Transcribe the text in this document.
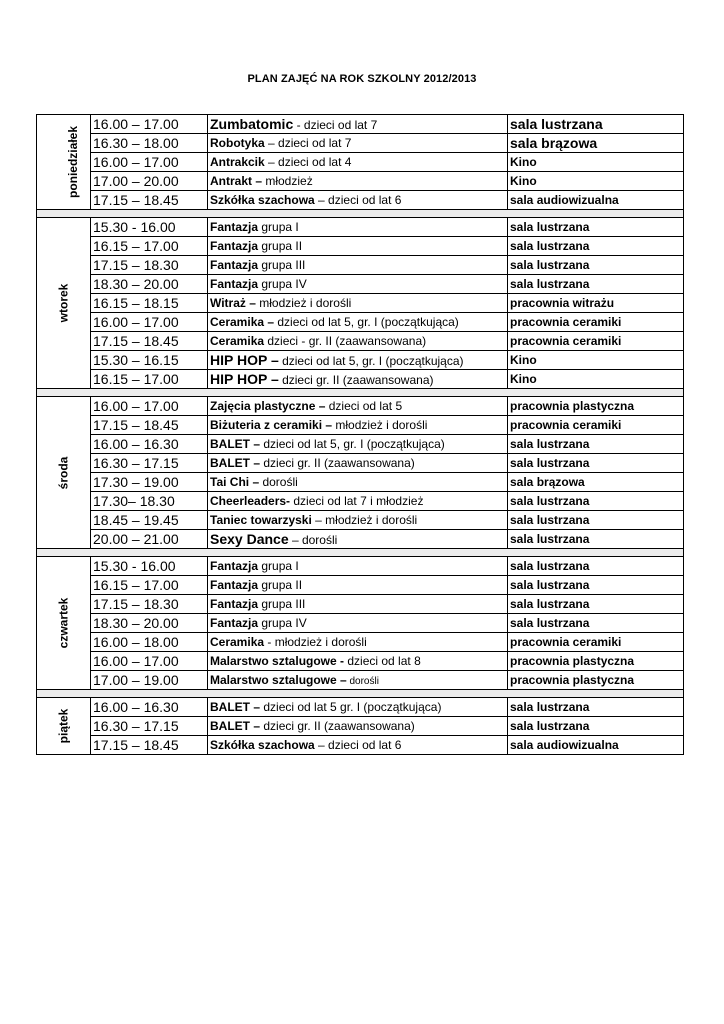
PLAN ZAJĘĆ NA ROK SZKOLNY 2012/2013
poniedziałek	16.00 – 17.00	Zumbatomic - dzieci od lat 7	sala lustrzana
	16.30 – 18.00	Robotyka – dzieci od lat 7	sala brązowa
	16.00 – 17.00	Antrakcik – dzieci od lat 4	Kino
	17.00 – 20.00	Antrakt – młodzież	Kino
	17.15 – 18.45	Szkółka szachowa – dzieci od lat 6	sala audiowizualna

wtorek	15.30 - 16.00	Fantazja grupa I	sala lustrzana
	16.15 – 17.00	Fantazja grupa II	sala lustrzana
	17.15 – 18.30	Fantazja grupa III	sala lustrzana
	18.30 – 20.00	Fantazja grupa IV	sala lustrzana
	16.15 – 18.15	Witraż – młodzież i dorośli	pracownia witrażu
	16.00 – 17.00	Ceramika – dzieci od lat 5, gr. I (początkująca)	pracownia ceramiki
	17.15 – 18.45	Ceramika dzieci - gr. II (zaawansowana)	pracownia ceramiki
	15.30 – 16.15	HIP HOP – dzieci od lat 5, gr. I (początkująca)	Kino
	16.15 – 17.00	HIP HOP – dzieci gr. II (zaawansowana)	Kino

środa	16.00 – 17.00	Zajęcia plastyczne – dzieci od lat 5	pracownia plastyczna
	17.15 – 18.45	Biżuteria z ceramiki – młodzież i dorośli	pracownia ceramiki
	16.00 – 16.30	BALET – dzieci od lat 5, gr. I (początkująca)	sala lustrzana
	16.30 – 17.15	BALET – dzieci gr. II (zaawansowana)	sala lustrzana
	17.30 – 19.00	Tai Chi – dorośli	sala brązowa
	17.30– 18.30	Cheerleaders- dzieci od lat 7 i młodzież	sala lustrzana
	18.45 – 19.45	Taniec towarzyski – młodzież i dorośli	sala lustrzana
	20.00 – 21.00	Sexy Dance – dorośli	sala lustrzana

czwartek	15.30 - 16.00	Fantazja grupa I	sala lustrzana
	16.15 – 17.00	Fantazja grupa II	sala lustrzana
	17.15 – 18.30	Fantazja grupa III	sala lustrzana
	18.30 – 20.00	Fantazja grupa IV	sala lustrzana
	16.00 – 18.00	Ceramika - młodzież i dorośli	pracownia ceramiki
	16.00 – 17.00	Malarstwo sztalugowe - dzieci od lat 8	pracownia plastyczna
	17.00 – 19.00	Malarstwo sztalugowe – dorośli	pracownia plastyczna

piątek	16.00 – 16.30	BALET – dzieci od lat 5 gr. I (początkująca)	sala lustrzana
	16.30 – 17.15	BALET – dzieci gr. II (zaawansowana)	sala lustrzana
	17.15 – 18.45	Szkółka szachowa – dzieci od lat 6	sala audiowizualna
